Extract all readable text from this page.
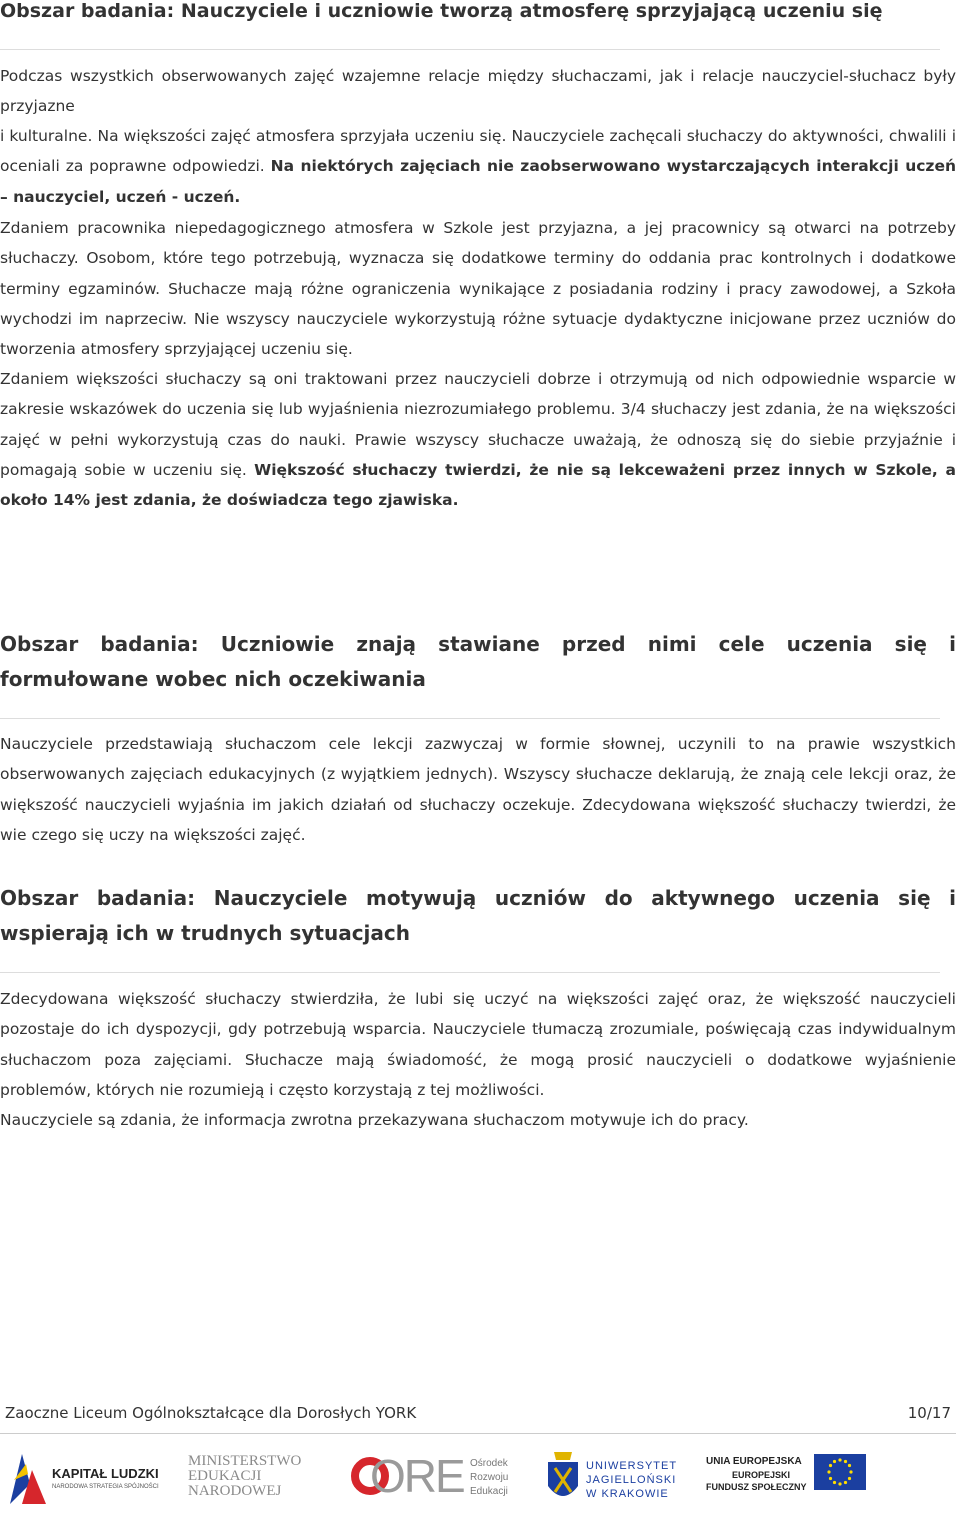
Obszar badania: Nauczyciele i uczniowie tworzą atmosferę sprzyjającą uczeniu się

Podczas wszystkich obserwowanych zajęć wzajemne relacje między słuchaczami, jak i relacje nauczyciel-słuchacz były przyjazne

i kulturalne. Na większości zajęć atmosfera sprzyjała uczeniu się. Nauczyciele zachęcali słuchaczy do aktywności, chwalili i oceniali za poprawne odpowiedzi. Na niektórych zajęciach nie zaobserwowano wystarczających interakcji uczeń – nauczyciel, uczeń - uczeń.

Zdaniem pracownika niepedagogicznego atmosfera w Szkole jest przyjazna, a jej pracownicy są otwarci na potrzeby słuchaczy. Osobom, które tego potrzebują, wyznacza się dodatkowe terminy do oddania prac kontrolnych i dodatkowe terminy egzaminów. Słuchacze mają różne ograniczenia wynikające z posiadania rodziny i pracy zawodowej, a Szkoła wychodzi im naprzeciw. Nie wszyscy nauczyciele wykorzystują różne sytuacje dydaktyczne inicjowane przez uczniów do tworzenia atmosfery sprzyjającej uczeniu się.

Zdaniem większości słuchaczy są oni traktowani przez nauczycieli dobrze i otrzymują od nich odpowiednie wsparcie w zakresie wskazówek do uczenia się lub wyjaśnienia niezrozumiałego problemu. 3/4 słuchaczy jest zdania, że na większości zajęć w pełni wykorzystują czas do nauki. Prawie wszyscy słuchacze uważają, że odnoszą się do siebie przyjaźnie i pomagają sobie w uczeniu się. Większość słuchaczy twierdzi, że nie są lekceważeni przez innych w Szkole, a około 14% jest zdania, że doświadcza tego zjawiska.

Obszar badania: Uczniowie znają stawiane przed nimi cele uczenia się i formułowane wobec nich oczekiwania

Nauczyciele przedstawiają słuchaczom cele lekcji zazwyczaj w formie słownej, uczynili to na prawie wszystkich obserwowanych zajęciach edukacyjnych (z wyjątkiem jednych). Wszyscy słuchacze deklarują, że znają cele lekcji oraz, że większość nauczycieli wyjaśnia im jakich działań od słuchaczy oczekuje. Zdecydowana większość słuchaczy twierdzi, że wie czego się uczy na większości zajęć.

Obszar badania: Nauczyciele motywują uczniów do aktywnego uczenia się i wspierają ich w trudnych sytuacjach

Zdecydowana większość słuchaczy stwierdziła, że lubi się uczyć na większości zajęć oraz, że większość nauczycieli pozostaje do ich dyspozycji, gdy potrzebują wsparcia. Nauczyciele tłumaczą zrozumiale, poświęcają czas indywidualnym słuchaczom poza zajęciami. Słuchacze mają świadomość, że mogą prosić nauczycieli o dodatkowe wyjaśnienie problemów, których nie rozumieją i często korzystają z tej możliwości.

Nauczyciele są zdania, że informacja zwrotna przekazywana słuchaczom motywuje ich do pracy.

Zaoczne Liceum Ogólnokształcące dla Dorosłych YORK	10/17
KAPITAŁ LUDZKI
NARODOWA STRATEGIA SPÓJNOŚCI
MINISTERSTWO
EDUKACJI
NARODOWEJ ORE Ośrodek
Rozwoju
Edukacji
UNIWERSYTET
JAGIELLOŃSKI
W KRAKOWIE
UNIA EUROPEJSKA
EUROPEJSKI
FUNDUSZ SPOŁECZNY
